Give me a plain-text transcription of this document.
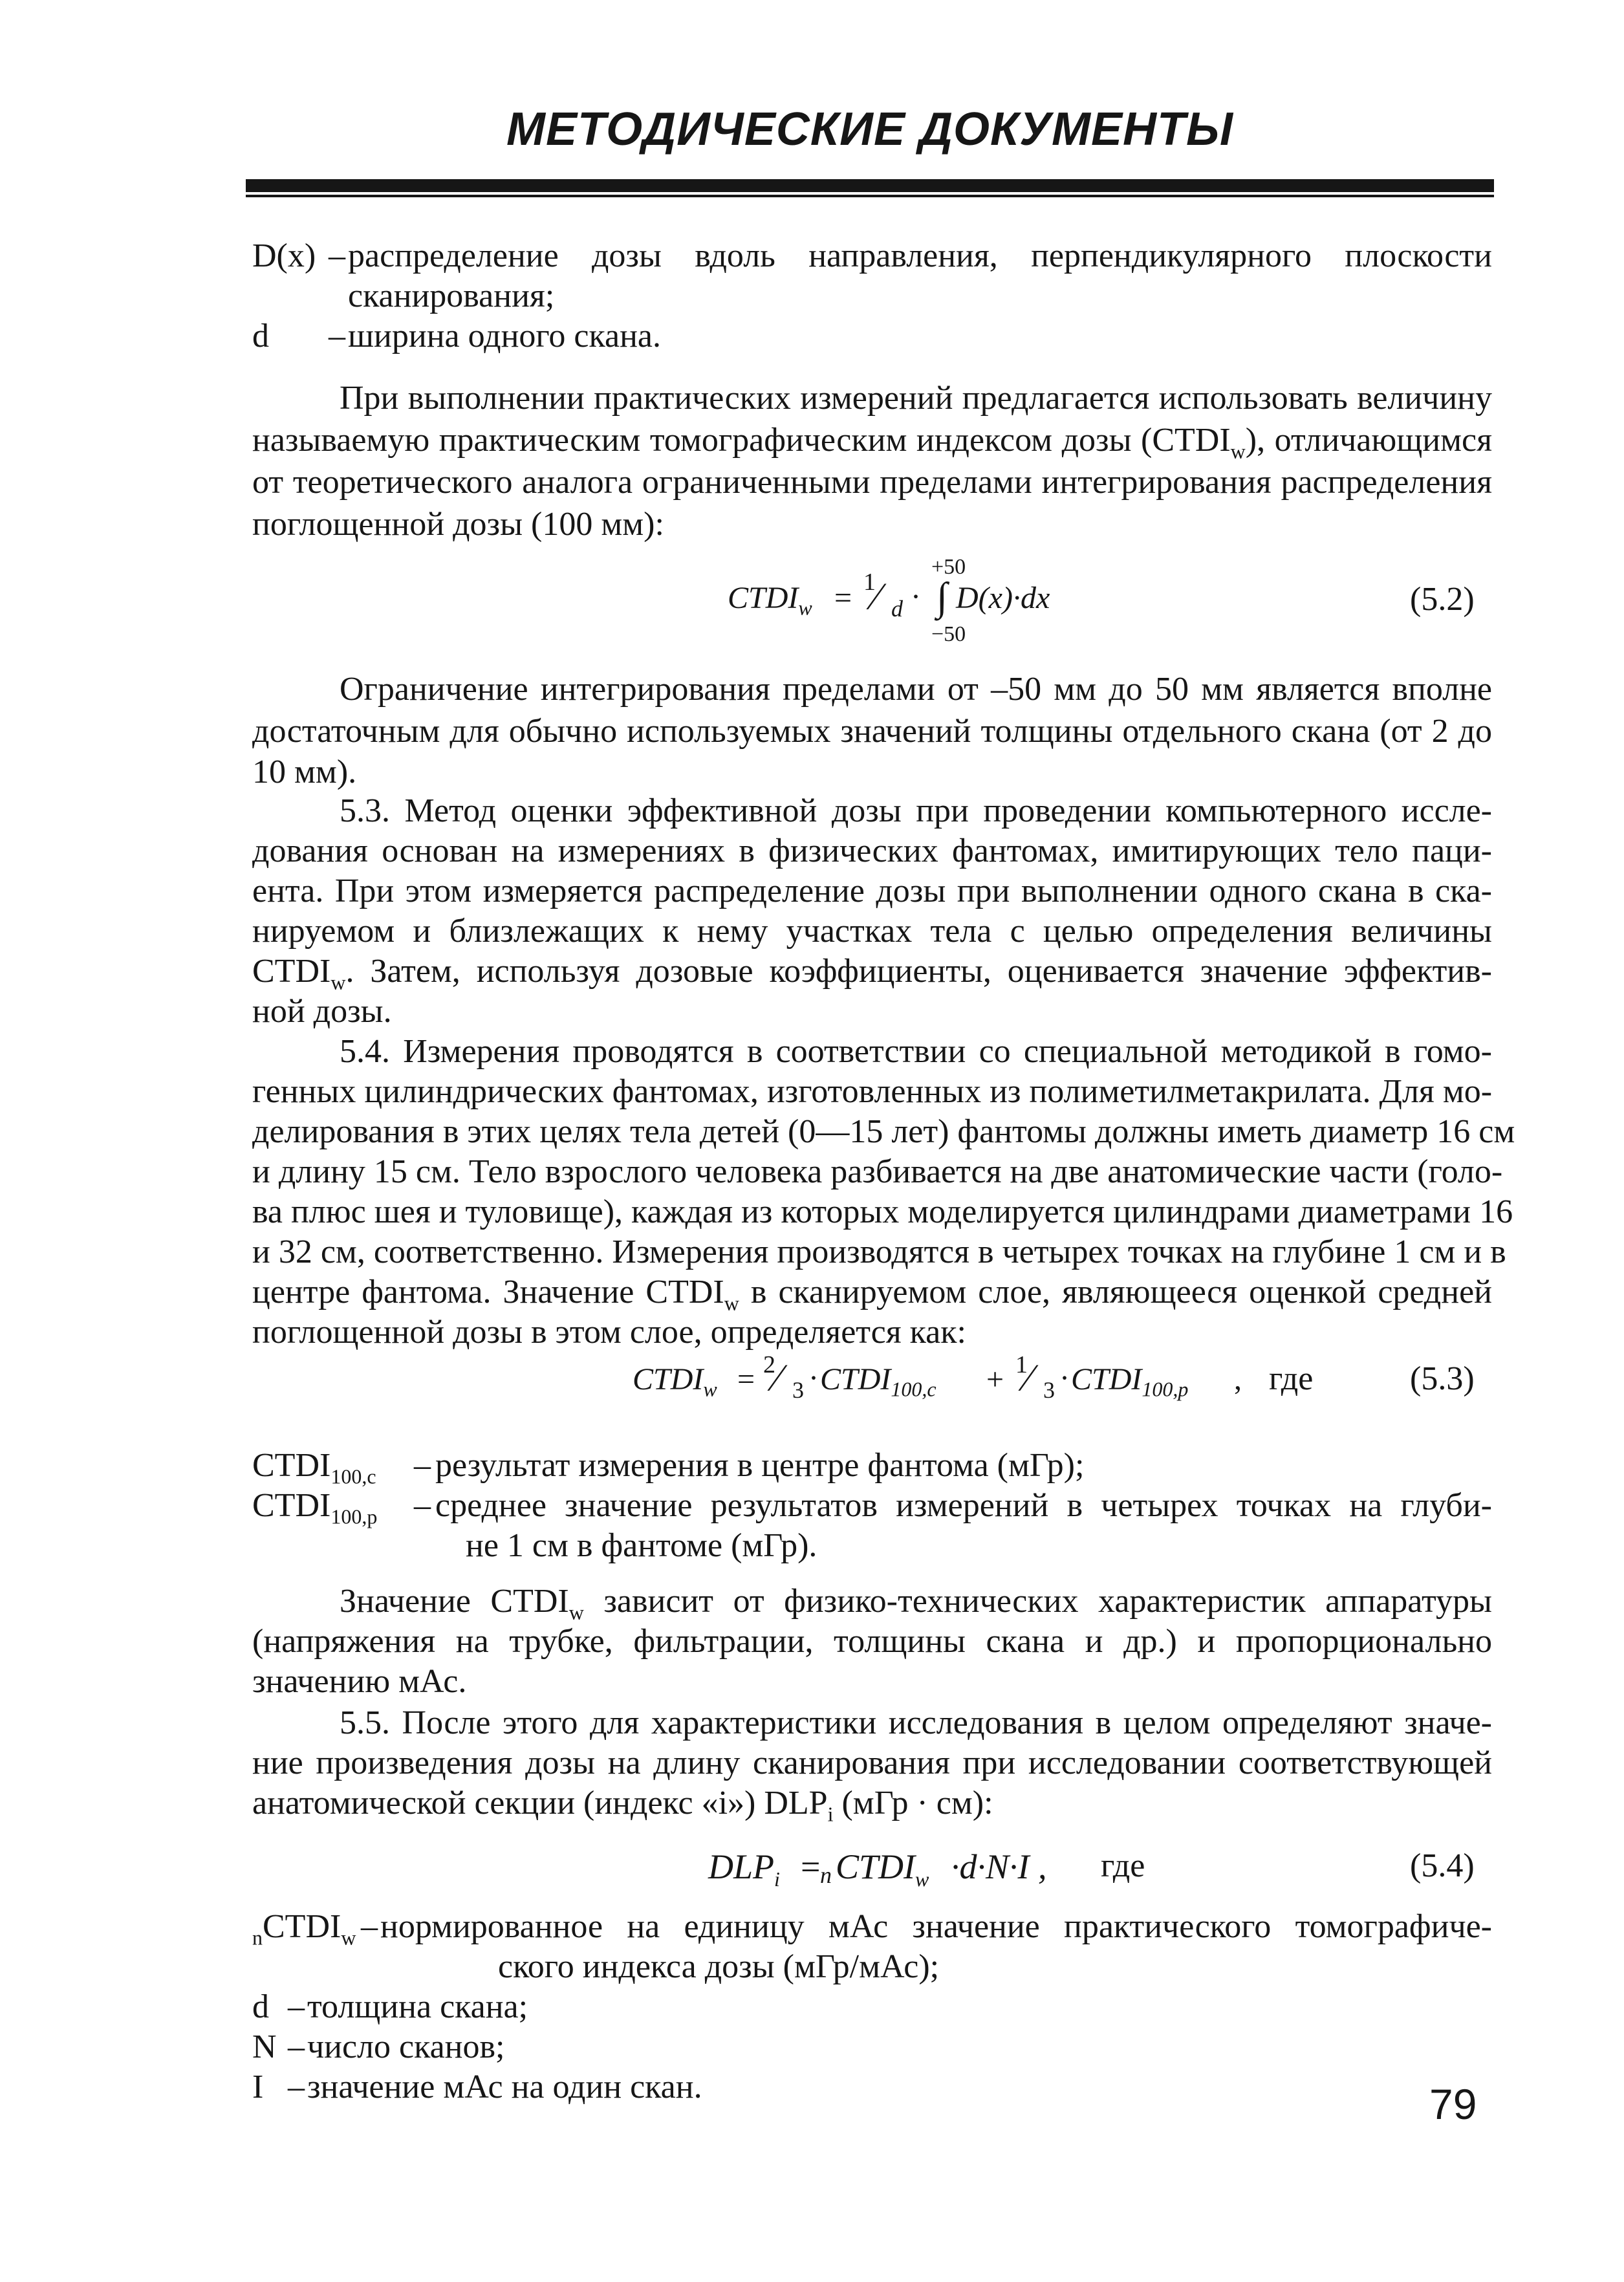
МЕТОДИЧЕСКИЕ ДОКУМЕНТЫ
D(x) – распределение дозы вдоль направления, перпендикулярного плоскости
сканирования;
d – ширина одного скана.
При выполнении практических измерений предлагается использовать величину
называемую практическим томографическим индексом дозы $(CTDI_w)$, отличающимся
от теоретического аналога ограниченными пределами интегрирования распределения
поглощенной дозы (100 мм):
$CTDI_w = 1$
⁄ d ·
+50
∫ D(x)·dx
−50
(5.2)
Ограничение интегрирования пределами от –50 мм до 50 мм является вполне
достаточным для обычно используемых значений толщины отдельного скана (от 2 до
10 мм).
5.3. Метод оценки эффективной дозы при проведении компьютерного иссле-
дования основан на измерениях в физических фантомах, имитирующих тело паци-
ента. При этом измеряется распределение дозы при выполнении одного скана в ска-
нируемом и близлежащих к нему участках тела с целью определения величины
$CTDI_w$. Затем, используя дозовые коэффициенты, оценивается значение эффектив-
ной дозы.
5.4. Измерения проводятся в соответствии со специальной методикой в гомо-
генных цилиндрических фантомах, изготовленных из полиметилметакрилата. Для мо-
делирования в этих целях тела детей (0—15 лет) фантомы должны иметь диаметр 16 см
и длину 15 см. Тело взрослого человека разбивается на две анатомические части (голо-
ва плюс шея и туловище), каждая из которых моделируется цилиндрами диаметрами 16
и 32 см, соответственно. Измерения производятся в четырех точках на глубине 1 см и в
центре фантома. Значение $CTDI_w$ в сканируемом слое, являющееся оценкой средней
поглощенной дозы в этом слое, определяется как:
$CTDI_w = 2$
⁄ $3 \cdot CTDI_{100,c} + 1$
⁄ $3 \cdot CTDI_{100,p}$ , где	(5.3)
$CTDI_{100,c}$ – результат измерения в центре фантома (мГр);
$CTDI_{100,p}$ – среднее значение результатов измерений в четырех точках на глуби-
не 1 см в фантоме (мГр).
Значение $CTDI_w$ зависит от физико-технических характеристик аппаратуры
(напряжения на трубке, фильтрации, толщины скана и др.) и пропорционально
значению мАс.
5.5. После этого для характеристики исследования в целом определяют значе-
ние произведения дозы на длину сканирования при исследовании соответствующей
анатомической секции (индекс «i») $DLP_i$ (мГр · см):
$DLP_i = n$ $CTDI_w \cdot d\cdot N\cdot I$ , где	(5.4)
$_nCTDI_w$ – нормированное на единицу мАс значение практического томографиче-
ского индекса дозы (мГр/мАс);
d – толщина скана;
N – число сканов;
I – значение мАс на один скан.	79
